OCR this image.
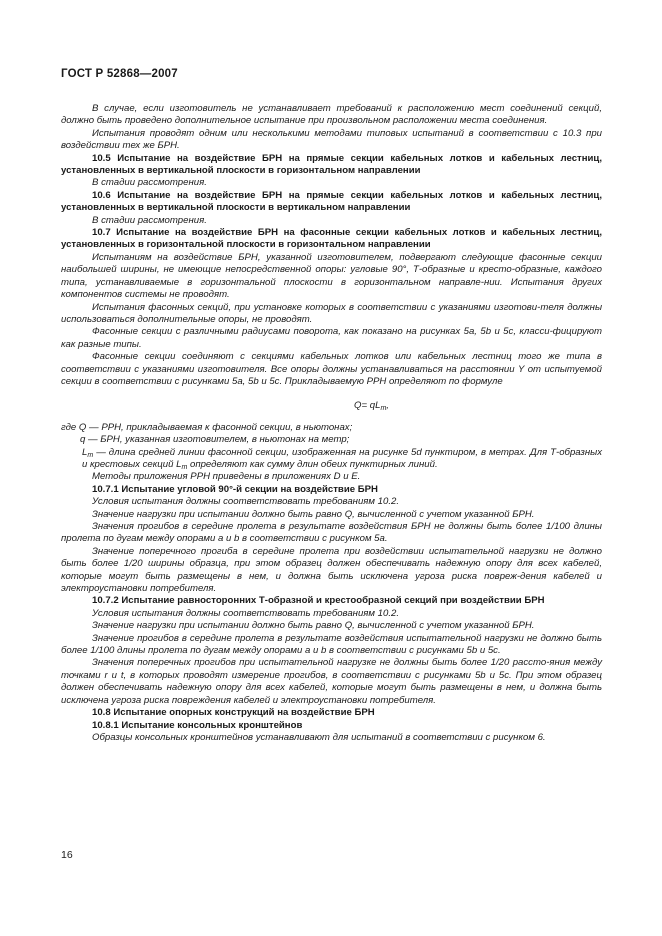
ГОСТ Р 52868—2007

В случае, если изготовитель не устанавливает требований к расположению мест соединений секций, должно быть проведено дополнительное испытание при произвольном расположении места соединения.

Испытания проводят одним или несколькими методами типовых испытаний в соответствии с 10.3 при воздействии тех же БРН.

10.5 Испытание на воздействие БРН на прямые секции кабельных лотков и кабельных лестниц, установленных в вертикальной плоскости в горизонтальном направлении

В стадии рассмотрения.

10.6 Испытание на воздействие БРН на прямые секции кабельных лотков и кабельных лестниц, установленных в вертикальной плоскости в вертикальном направлении

В стадии рассмотрения.

10.7 Испытание на воздействие БРН на фасонные секции кабельных лотков и кабельных лестниц, установленных в горизонтальной плоскости в горизонтальном направлении

Испытаниям на воздействие БРН, указанной изготовителем, подвергают следующие фасонные секции наибольшей ширины, не имеющие непосредственной опоры: угловые 90°, Т-образные и кресто-образные, каждого типа, устанавливаемые в горизонтальной плоскости в горизонтальном направле-нии. Испытания других компонентов системы не проводят.

Испытания фасонных секций, при установке которых в соответствии с указаниями изготови-теля должны использоваться дополнительные опоры, не проводят.

Фасонные секции с различными радиусами поворота, как показано на рисунках 5а, 5b и 5с, класси-фицируют как разные типы.

Фасонные секции соединяют с секциями кабельных лотков или кабельных лестниц того же типа в соответствии с указаниями изготовителя. Все опоры должны устанавливаться на расстоянии Y от испытуемой секции в соответствии с рисунками 5а, 5b и 5с. Прикладываемую PPH определяют по формуле

$Q= qL_m$,

где Q — PPH, прикладываемая к фасонной секции, в ньютонах;

q — БРН, указанная изготовителем, в ньютонах на метр;

$L_m$ — длина средней линии фасонной секции, изображенная на рисунке 5d пунктиром, в метрах. Для Т-образных и крестовых секций $L_m$ определяют как сумму длин обеих пунктирных линий.

Методы приложения PPH приведены в приложениях D и Е.

10.7.1 Испытание угловой 90°-й секции на воздействие БРН

Условия испытания должны соответствовать требованиям 10.2.

Значение нагрузки при испытании должно быть равно Q, вычисленной с учетом указанной БРН.

Значения прогибов в середине пролета в результате воздействия БРН не должны быть более 1/100 длины пролета по дугам между опорами а и b в соответствии с рисунком 5а.

Значение поперечного прогиба в середине пролета при воздействии испытательной нагрузки не должно быть более 1/20 ширины образца, при этом образец должен обеспечивать надежную опору для всех кабелей, которые могут быть размещены в нем, и должна быть исключена угроза риска повреж-дения кабелей и электроустановки потребителя.

10.7.2 Испытание равносторонних Т-образной и крестообразной секций при воздействии БРН

Условия испытания должны соответствовать требованиям 10.2.

Значение нагрузки при испытании должно быть равно Q, вычисленной с учетом указанной БРН.

Значение прогибов в середине пролета в результате воздействия испытательной нагрузки не должно быть более 1/100 длины пролета по дугам между опорами а и b в соответствии с рисунками 5b и 5с.

Значения поперечных прогибов при испытательной нагрузке не должны быть более 1/20 рассто-яния между точками r и t, в которых проводят измерение прогибов, в соответствии с рисунками 5b и 5с. При этом образец должен обеспечивать надежную опору для всех кабелей, которые могут быть размещены в нем, и должна быть исключена угроза риска повреждения кабелей и электроустановки потребителя.

10.8 Испытание опорных конструкций на воздействие БРН

10.8.1 Испытание консольных кронштейнов

Образцы консольных кронштейнов устанавливают для испытаний в соответствии с рисунком 6.

16
